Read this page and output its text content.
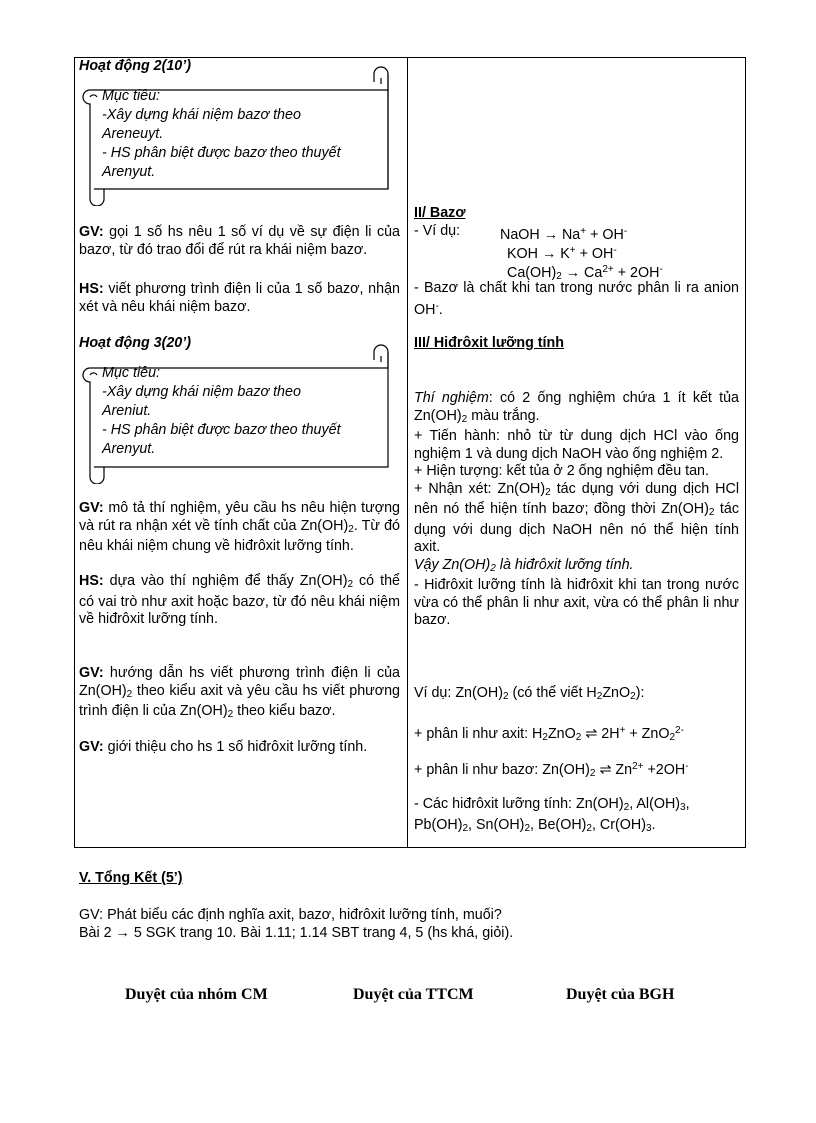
Hoạt động 2(10’)
Mục tiêu:
-Xây dựng khái niệm bazơ theo
Areneuyt.
- HS phân biệt được bazơ theo thuyết
Arenyut.
GV: gọi 1 số hs nêu 1 số ví dụ về sự điện li của bazơ, từ đó trao đổi để rút ra khái niệm bazơ.
HS: viết phương trình điện li của 1 số bazơ, nhận xét và nêu khái niệm bazơ.
Hoạt động 3(20’)
Mục tiêu:
-Xây dựng khái niệm bazơ theo
Areniut.
- HS phân biệt được bazơ theo thuyết
Arenyut.
GV: mô tả thí nghiệm, yêu cầu hs nêu hiện tượng và rút ra nhận xét về tính chất của $Zn(OH)_2$. Từ đó nêu khái niệm chung về hiđrôxit lưỡng tính.
HS: dựa vào thí nghiệm để thấy $Zn(OH)_2$ có thể có vai trò như axit hoặc bazơ, từ đó nêu khái niệm về hiđrôxit lưỡng tính.
GV: hướng dẫn hs viết phương trình điện li của $Zn(OH)_2$ theo kiểu axit và yêu cầu hs viết phương trình điện li của $Zn(OH)_2$ theo kiểu bazơ.
GV: giới thiệu cho hs 1 số hiđrôxit lưỡng tính.
II/ Bazơ
- Ví dụ:	NaOH → Na+ + OH-
KOH → K+ + OH-
$Ca(OH)_2 \to Ca^{2+} + 2OH^-$
- Bazơ là chất khi tan trong nước phân li ra anion OH-.
III/ Hiđrôxit lưỡng tính
Thí nghiệm: có 2 ống nghiệm chứa 1 ít kết tủa $Zn(OH)_2$ màu trắng.
+ Tiến hành: nhỏ từ từ dung dịch HCl vào ống nghiệm 1 và dung dịch NaOH vào ống nghiệm 2.
+ Hiện tượng: kết tủa ở 2 ống nghiệm đều tan.
+ Nhận xét: $Zn(OH)_2$ tác dụng với dung dịch HCl nên nó thể hiện tính bazơ; đồng thời $Zn(OH)_2$ tác dụng với dung dịch NaOH nên nó thể hiện tính axit.
Vậy $Zn(OH)_2$ là hiđrôxit lưỡng tính.
- Hiđrôxit lưỡng tính là hiđrôxit khi tan trong nước vừa có thể phân li như axit, vừa có thể phân li như bazơ.
Ví dụ: $Zn(OH)_2$ (có thể viết $H_2ZnO_2$):
+ phân li như axit: $H_2ZnO_2$ ⇌ 2H+ + ZnO$_2^{2-}$
+ phân li như bazơ: $Zn(OH)_2$ ⇌ $Zn^{2+} +2OH^-$
- Các hiđrôxit lưỡng tính: $Zn(OH)_2$, $Al(OH)_3$,
$Pb(OH)_2$, $Sn(OH)_2$, $Be(OH)_2$, $Cr(OH)_3$.
V. Tổng Kết (5’)
GV: Phát biểu các định nghĩa axit, bazơ, hiđrôxit lưỡng tính, muối?
Bài 2 → 5 SGK trang 10. Bài 1.11; 1.14 SBT trang 4, 5 (hs khá, giỏi).
Duyệt của nhóm CM	Duyệt của TTCM	Duyệt của BGH
